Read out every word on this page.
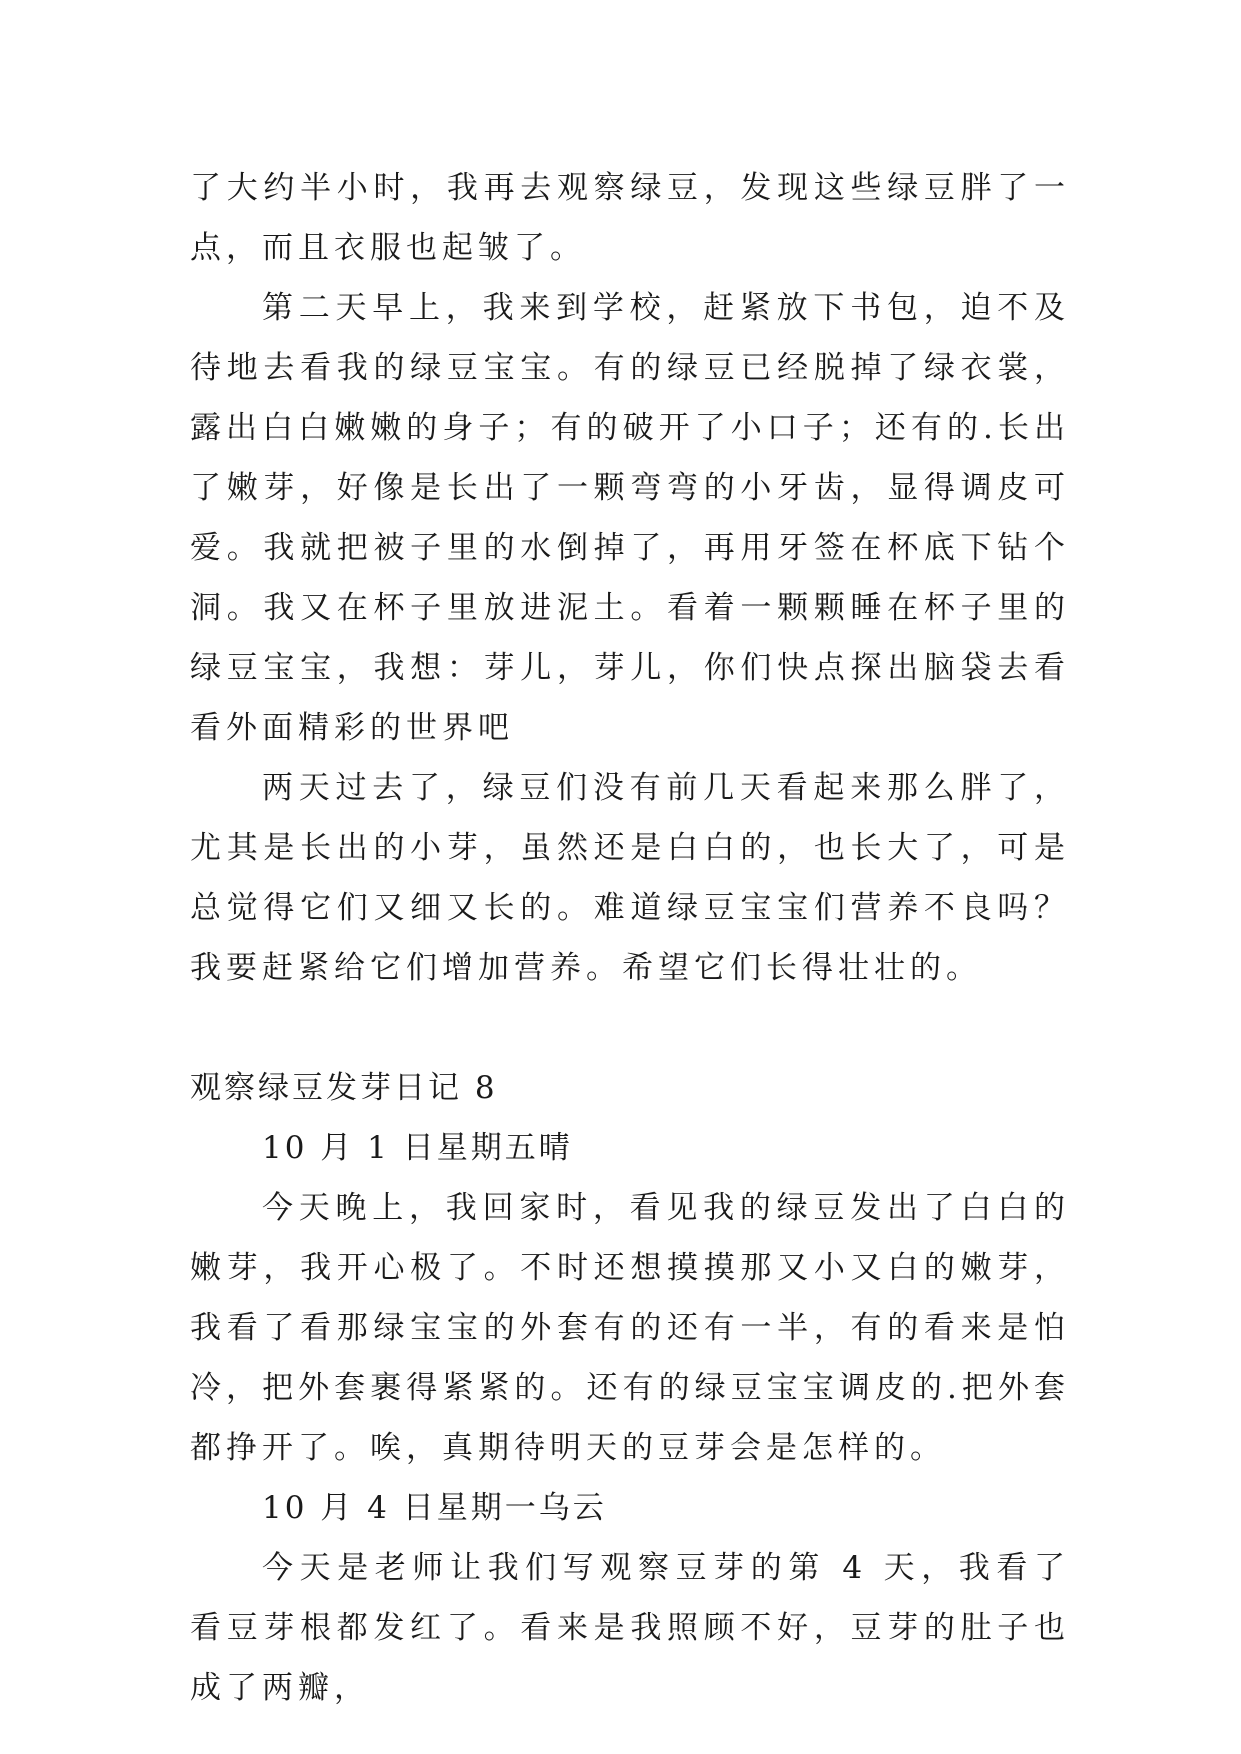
了大约半小时，我再去观察绿豆，发现这些绿豆胖了一点，而且衣服也起皱了。

第二天早上，我来到学校，赶紧放下书包，迫不及待地去看我的绿豆宝宝。有的绿豆已经脱掉了绿衣裳，露出白白嫩嫩的身子；有的破开了小口子；还有的.长出了嫩芽，好像是长出了一颗弯弯的小牙齿，显得调皮可爱。我就把被子里的水倒掉了，再用牙签在杯底下钻个洞。我又在杯子里放进泥土。看着一颗颗睡在杯子里的绿豆宝宝，我想：芽儿，芽儿，你们快点探出脑袋去看看外面精彩的世界吧

两天过去了，绿豆们没有前几天看起来那么胖了，尤其是长出的小芽，虽然还是白白的，也长大了，可是总觉得它们又细又长的。难道绿豆宝宝们营养不良吗？我要赶紧给它们增加营养。希望它们长得壮壮的。

观察绿豆发芽日记 8

10 月 1 日星期五晴

今天晚上，我回家时，看见我的绿豆发出了白白的嫩芽，我开心极了。不时还想摸摸那又小又白的嫩芽，我看了看那绿宝宝的外套有的还有一半，有的看来是怕冷，把外套裹得紧紧的。还有的绿豆宝宝调皮的.把外套都挣开了。唉，真期待明天的豆芽会是怎样的。

10 月 4 日星期一乌云

今天是老师让我们写观察豆芽的第 4 天，我看了看豆芽根都发红了。看来是我照顾不好，豆芽的肚子也成了两瓣，
